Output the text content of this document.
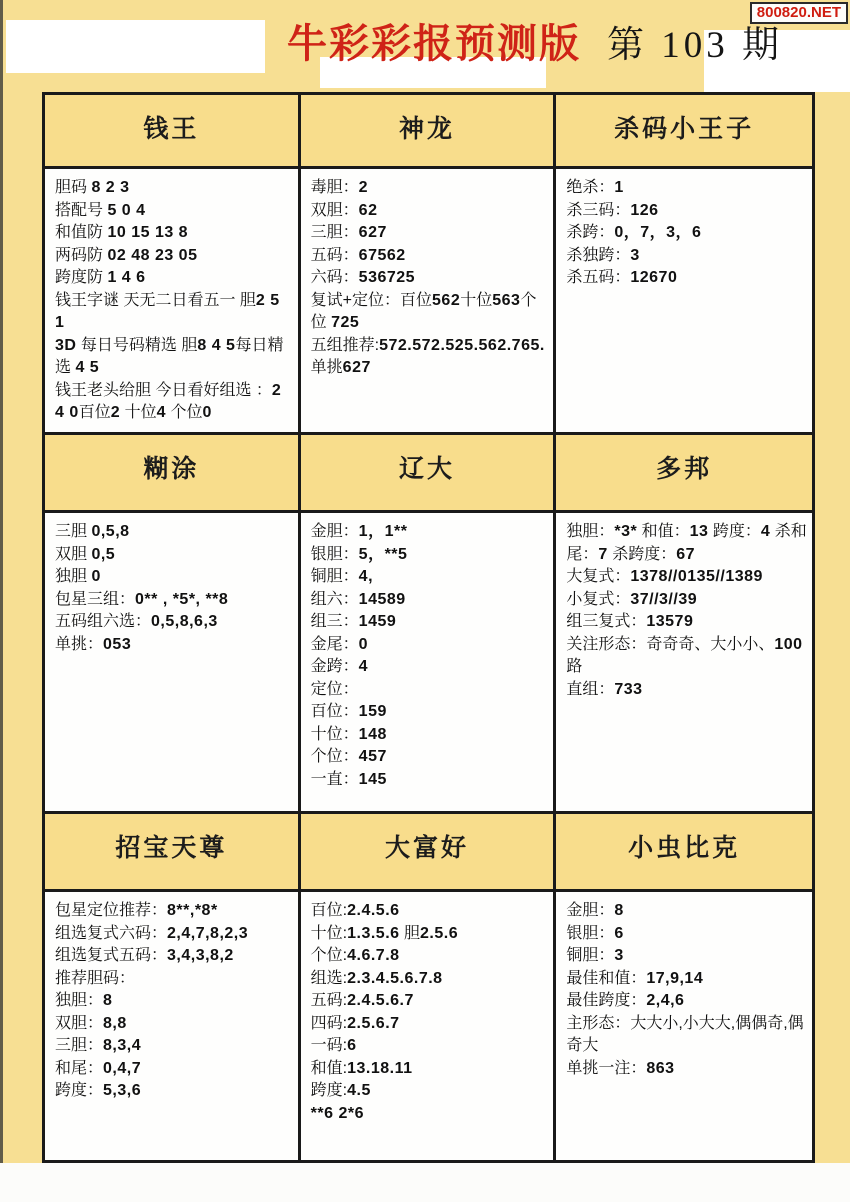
牛彩彩报预测版 第 103 期
800820.NET
钱王	神龙	杀码小王子
胆码 8 2 3
搭配号 5 0 4
和值防 10 15 13 8
两码防 02 48 23 05
跨度防 1 4 6
钱王字谜 天无二日看五一 胆2 5 1
3D 每日号码精选 胆8 4 5每日精选 4 5
钱王老头给胆 今日看好组选 ：2 4 0百位2 十位4 个位0
毒胆：2
双胆：62
三胆：627
五码：67562
六码：536725
复试+定位：百位562十位563个位 725
五组推荐:572.572.525.562.765.
单挑627
绝杀：1
杀三码：126
杀跨：0，7，3，6
杀独跨：3
杀五码：12670
糊涂	辽大	多邦
三胆 0,5,8
双胆 0,5
独胆 0
包星三组：0** , *5*, **8
五码组六选：0,5,8,6,3
单挑：053
金胆：1，1**
银胆：5，**5
铜胆：4,
组六：14589
组三：1459
金尾：0
金跨：4
定位：
百位：159
十位：148
个位：457
一直：145
独胆：*3* 和值：13 跨度：4 杀和尾：7 杀跨度：67
大复式：1378//0135//1389
小复式：37//3//39
组三复式：13579
关注形态：奇奇奇、大小小、100路
直组：733
招宝天尊	大富好	小虫比克
包星定位推荐：8**,*8*
组选复式六码：2,4,7,8,2,3
组选复式五码：3,4,3,8,2
推荐胆码：
独胆：8
双胆：8,8
三胆：8,3,4
和尾：0,4,7
跨度：5,3,6
百位:2.4.5.6
十位:1.3.5.6 胆2.5.6
个位:4.6.7.8
组选:2.3.4.5.6.7.8
五码:2.4.5.6.7
四码:2.5.6.7
一码:6
和值:13.18.11
跨度:4.5
**6 2*6
金胆：8
银胆：6
铜胆：3
最佳和值：17,9,14
最佳跨度：2,4,6
主形态：大大小,小大大,偶偶奇,偶奇大
单挑一注：863
